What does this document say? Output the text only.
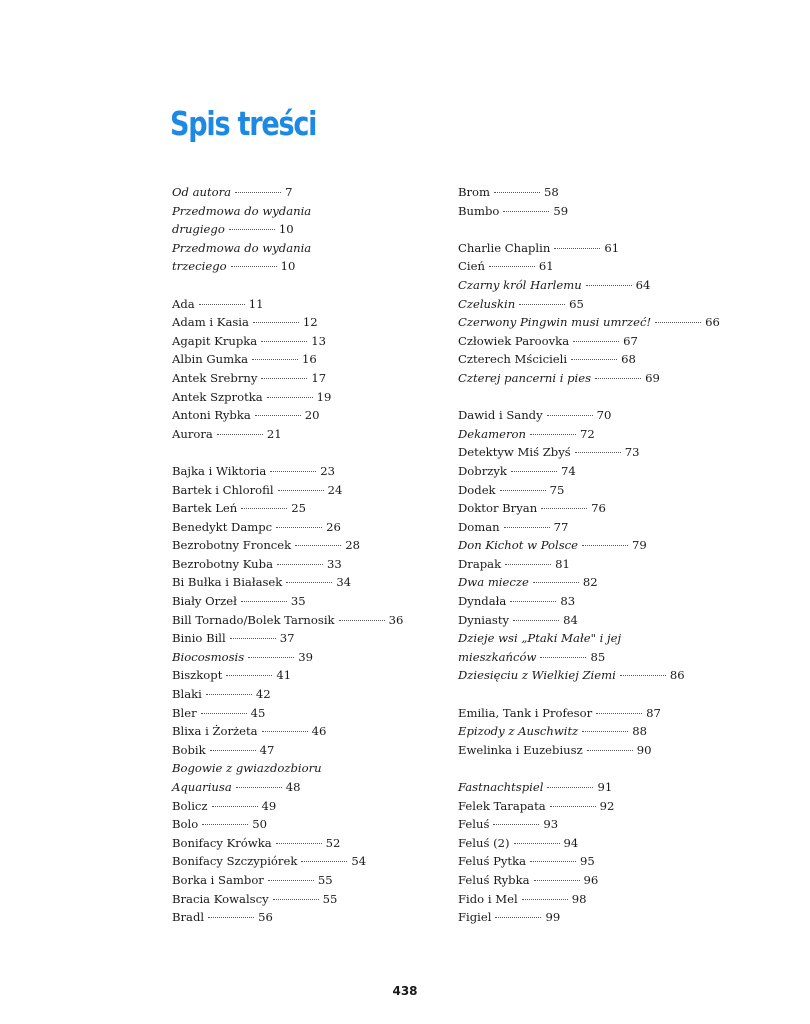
Spis treści
Od autora	7
Przedmowa do wydania
drugiego	10
Przedmowa do wydania
trzeciego	10
Ada	11
Adam i Kasia	12
Agapit Krupka	13
Albin Gumka	16
Antek Srebrny	17
Antek Szprotka	19
Antoni Rybka	20
Aurora	21
Bajka i Wiktoria	23
Bartek i Chlorofil	24
Bartek Leń	25
Benedykt Dampc	26
Bezrobotny Froncek	28
Bezrobotny Kuba	33
Bi Bułka i Białasek	34
Biały Orzeł	35
Bill Tornado/Bolek Tarnosik	36
Binio Bill	37
Biocosmosis	39
Biszkopt	41
Blaki	42
Bler	45
Blixa i Żorżeta	46
Bobik	47
Bogowie z gwiazdozbioru
Aquariusa	48
Bolicz	49
Bolo	50
Bonifacy Krówka	52
Bonifacy Szczypiórek	54
Borka i Sambor	55
Bracia Kowalscy	55
Bradl	56
Brom	58
Bumbo	59
Charlie Chaplin	61
Cień	61
Czarny król Harlemu	64
Czeluskin	65
Czerwony Pingwin musi umrzeć!	66
Człowiek Paroovka	67
Czterech Mścicieli	68
Czterej pancerni i pies	69
Dawid i Sandy	70
Dekameron	72
Detektyw Miś Zbyś	73
Dobrzyk	74
Dodek	75
Doktor Bryan	76
Doman	77
Don Kichot w Polsce	79
Drapak	81
Dwa miecze	82
Dyndała	83
Dyniasty	84
Dzieje wsi „Ptaki Małe" i jej
mieszkańców	85
Dziesięciu z Wielkiej Ziemi	86
Emilia, Tank i Profesor	87
Epizody z Auschwitz	88
Ewelinka i Euzebiusz	90
Fastnachtspiel	91
Felek Tarapata	92
Feluś	93
Feluś (2)	94
Feluś Pytka	95
Feluś Rybka	96
Fido i Mel	98
Figiel	99
438
